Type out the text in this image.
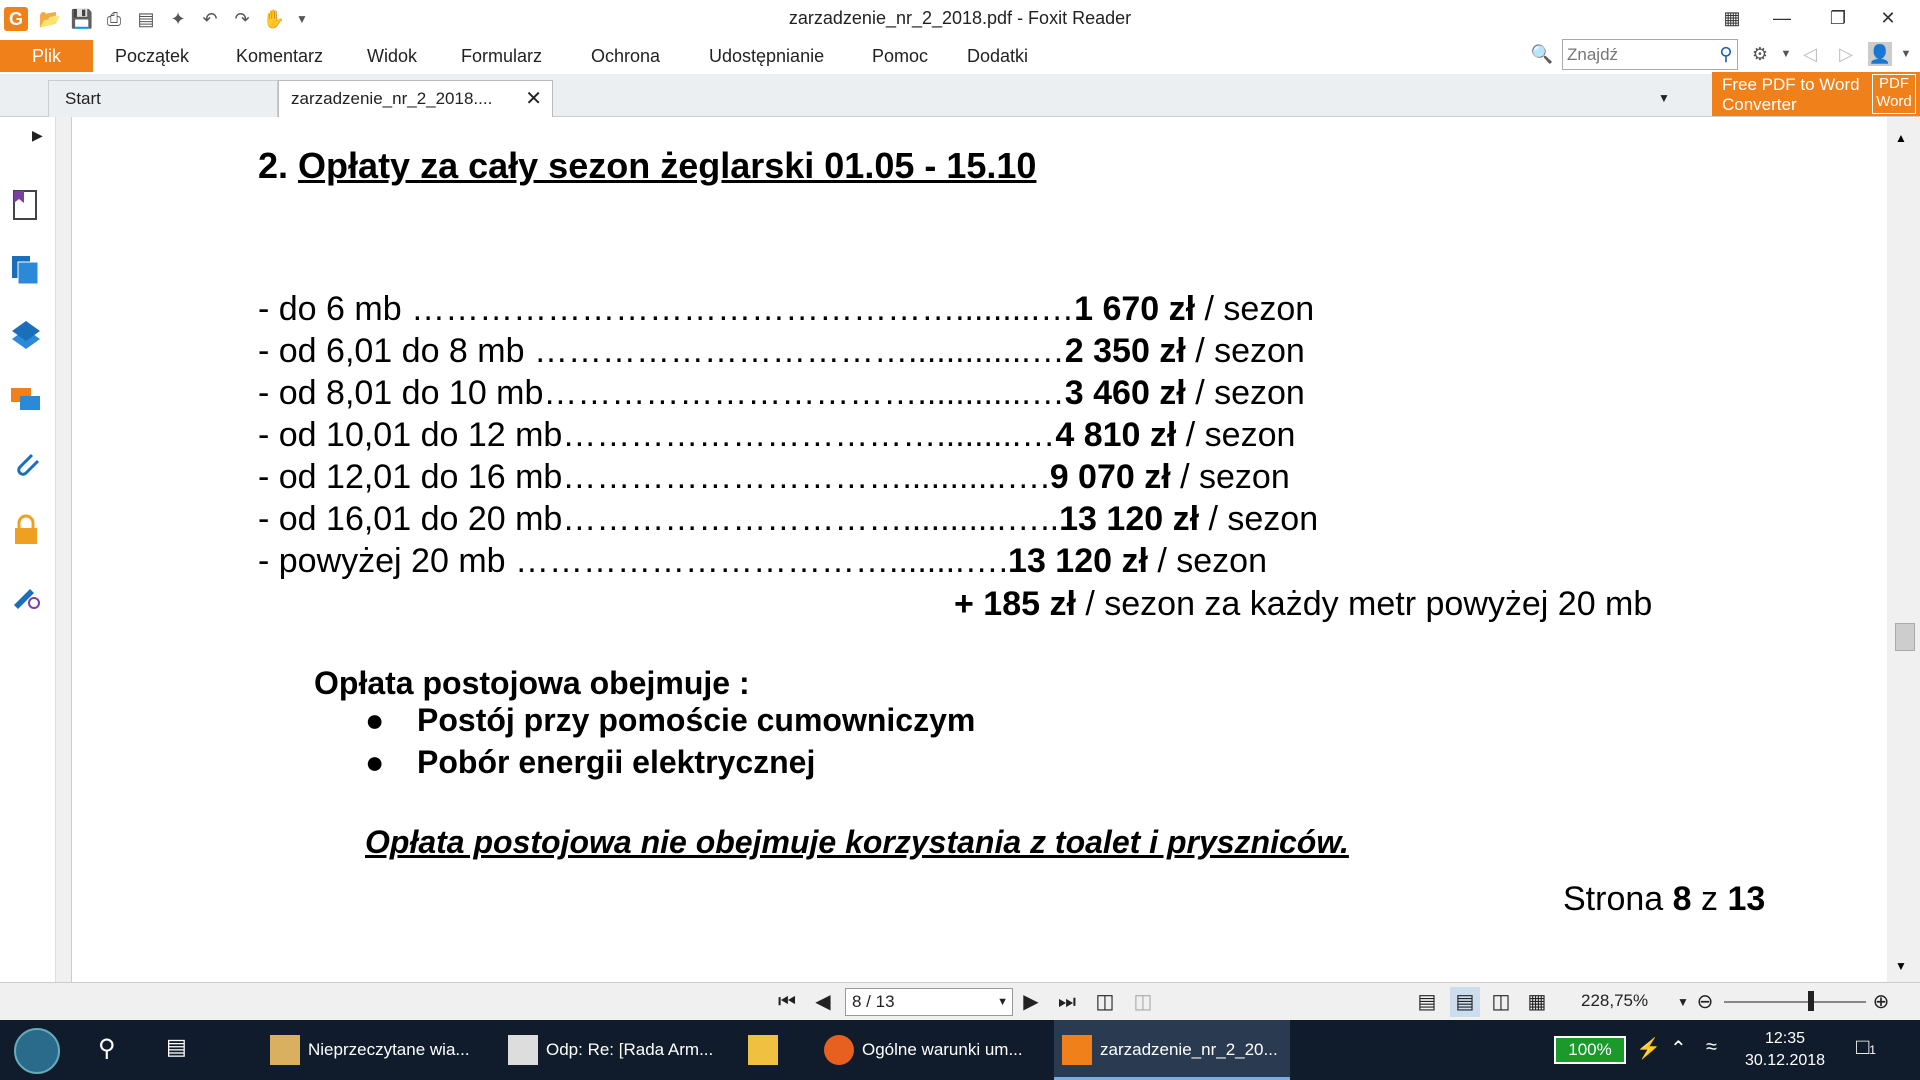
G 📂 💾 ⎙ ▤ ✦ ↶ ↷ ✋ ▼	zarzadzenie_nr_2_2018.pdf - Foxit Reader	▦	—	❐	✕
Plik	Początek	Komentarz Widok Formularz	Ochrona	Udostępnianie	Pomoc Dodatki	🔍
Znajdź	⚲	⚙	▼ ◁ ▷ 👤 ▼
Start	zarzadzenie_nr_2_2018.... ✕	▼
Free PDF to Word
Converter
PDF
Word
▶
2. Opłaty za cały sezon żeglarski 01.05 - 15.10
- do 6 mb ………………………………………….........…1 670 zł / sezon
- od 6,01 do 8 mb …………………………….............…2 350 zł / sezon
- od 8,01 do 10 mb……………………………............…3 460 zł / sezon
- od 10,01 do 12 mb…………………………….........…4 810 zł / sezon
- od 12,01 do 16 mb…………………………...........….9 070 zł / sezon
- od 16,01 do 20 mb…………………………...........…..13 120 zł / sezon
- powyżej 20 mb ……………………………........….13 120 zł / sezon
+ 185 zł / sezon za każdy metr powyżej 20 mb
Opłata postojowa obejmuje :
● Postój przy pomoście cumowniczym
● Pobór energii elektrycznej
Opłata postojowa nie obejmuje korzystania z toalet i pryszniców.
Strona 8 z 13
▲
▼
⏮ ◀	8 / 13	▼ ▶ ⏭ ◫ ◫	▤ ▤ ◫ ▦	228,75%	▼ ⊖	⊕
⚲ ▤	Nieprzeczytane wia...	Odp: Re: [Rada Arm...	Ogólne warunki um...	zarzadzenie_nr_2_20...	100%	⚡ ⌃ ≈	12:35
30.12.2018
□1
